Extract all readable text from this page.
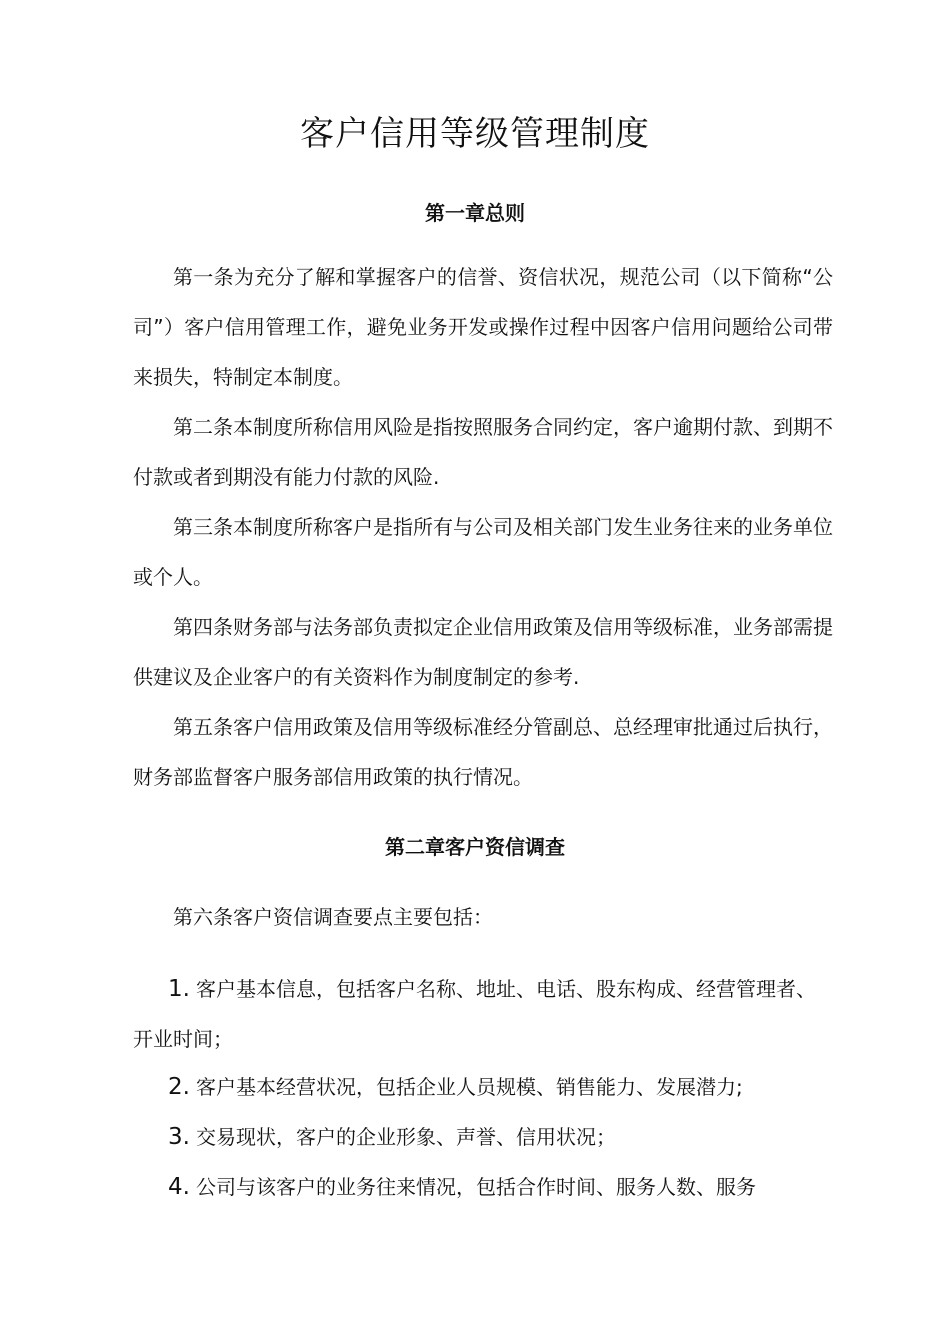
客户信用等级管理制度
第一章总则

第一条为充分了解和掌握客户的信誉、资信状况，规范公司（以下简称“公司”）客户信用管理工作，避免业务开发或操作过程中因客户信用问题给公司带来损失，特制定本制度。

第二条本制度所称信用风险是指按照服务合同约定，客户逾期付款、到期不付款或者到期没有能力付款的风险.

第三条本制度所称客户是指所有与公司及相关部门发生业务往来的业务单位或个人。

第四条财务部与法务部负责拟定企业信用政策及信用等级标准，业务部需提供建议及企业客户的有关资料作为制度制定的参考.

第五条客户信用政策及信用等级标准经分管副总、总经理审批通过后执行，财务部监督客户服务部信用政策的执行情况。

第二章客户资信调查

第六条客户资信调查要点主要包括：

1. 客户基本信息，包括客户名称、地址、电话、股东构成、经营管理者、开业时间；

2. 客户基本经营状况，包括企业人员规模、销售能力、发展潜力;

3. 交易现状，客户的企业形象、声誉、信用状况；

4. 公司与该客户的业务往来情况，包括合作时间、服务人数、服务
